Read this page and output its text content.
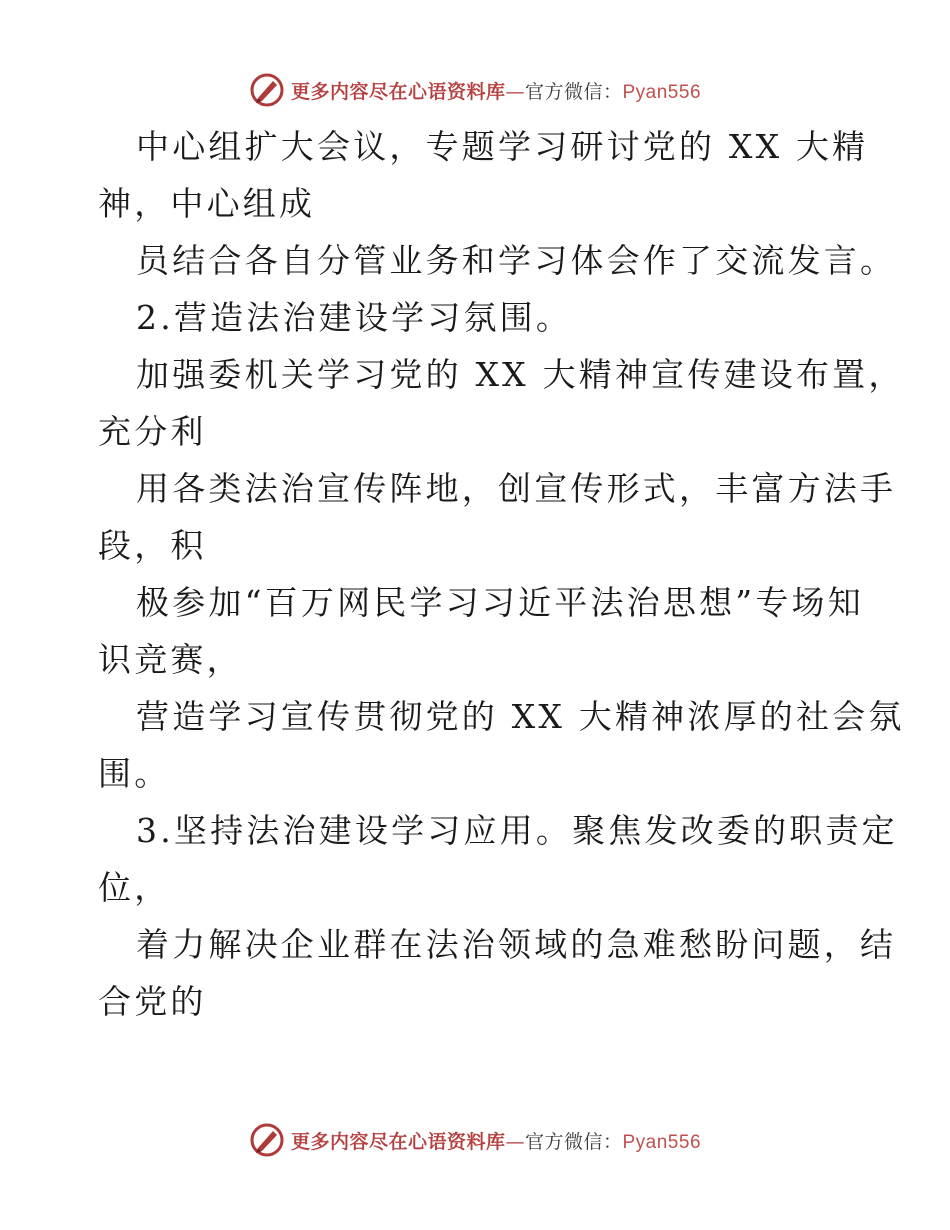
更多内容尽在心语资料库—官方微信：Pyan556
中心组扩大会议，专题学习研讨党的 XX 大精
神，中心组成
员结合各自分管业务和学习体会作了交流发言。
2.营造法治建设学习氛围。
加强委机关学习党的 XX 大精神宣传建设布置，
充分利
用各类法治宣传阵地，创宣传形式，丰富方法手
段，积
极参加“百万网民学习习近平法治思想”专场知
识竞赛，
营造学习宣传贯彻党的 XX 大精神浓厚的社会氛
围。
3.坚持法治建设学习应用。聚焦发改委的职责定
位，
着力解决企业群在法治领域的急难愁盼问题，结
合党的
更多内容尽在心语资料库—官方微信：Pyan556
